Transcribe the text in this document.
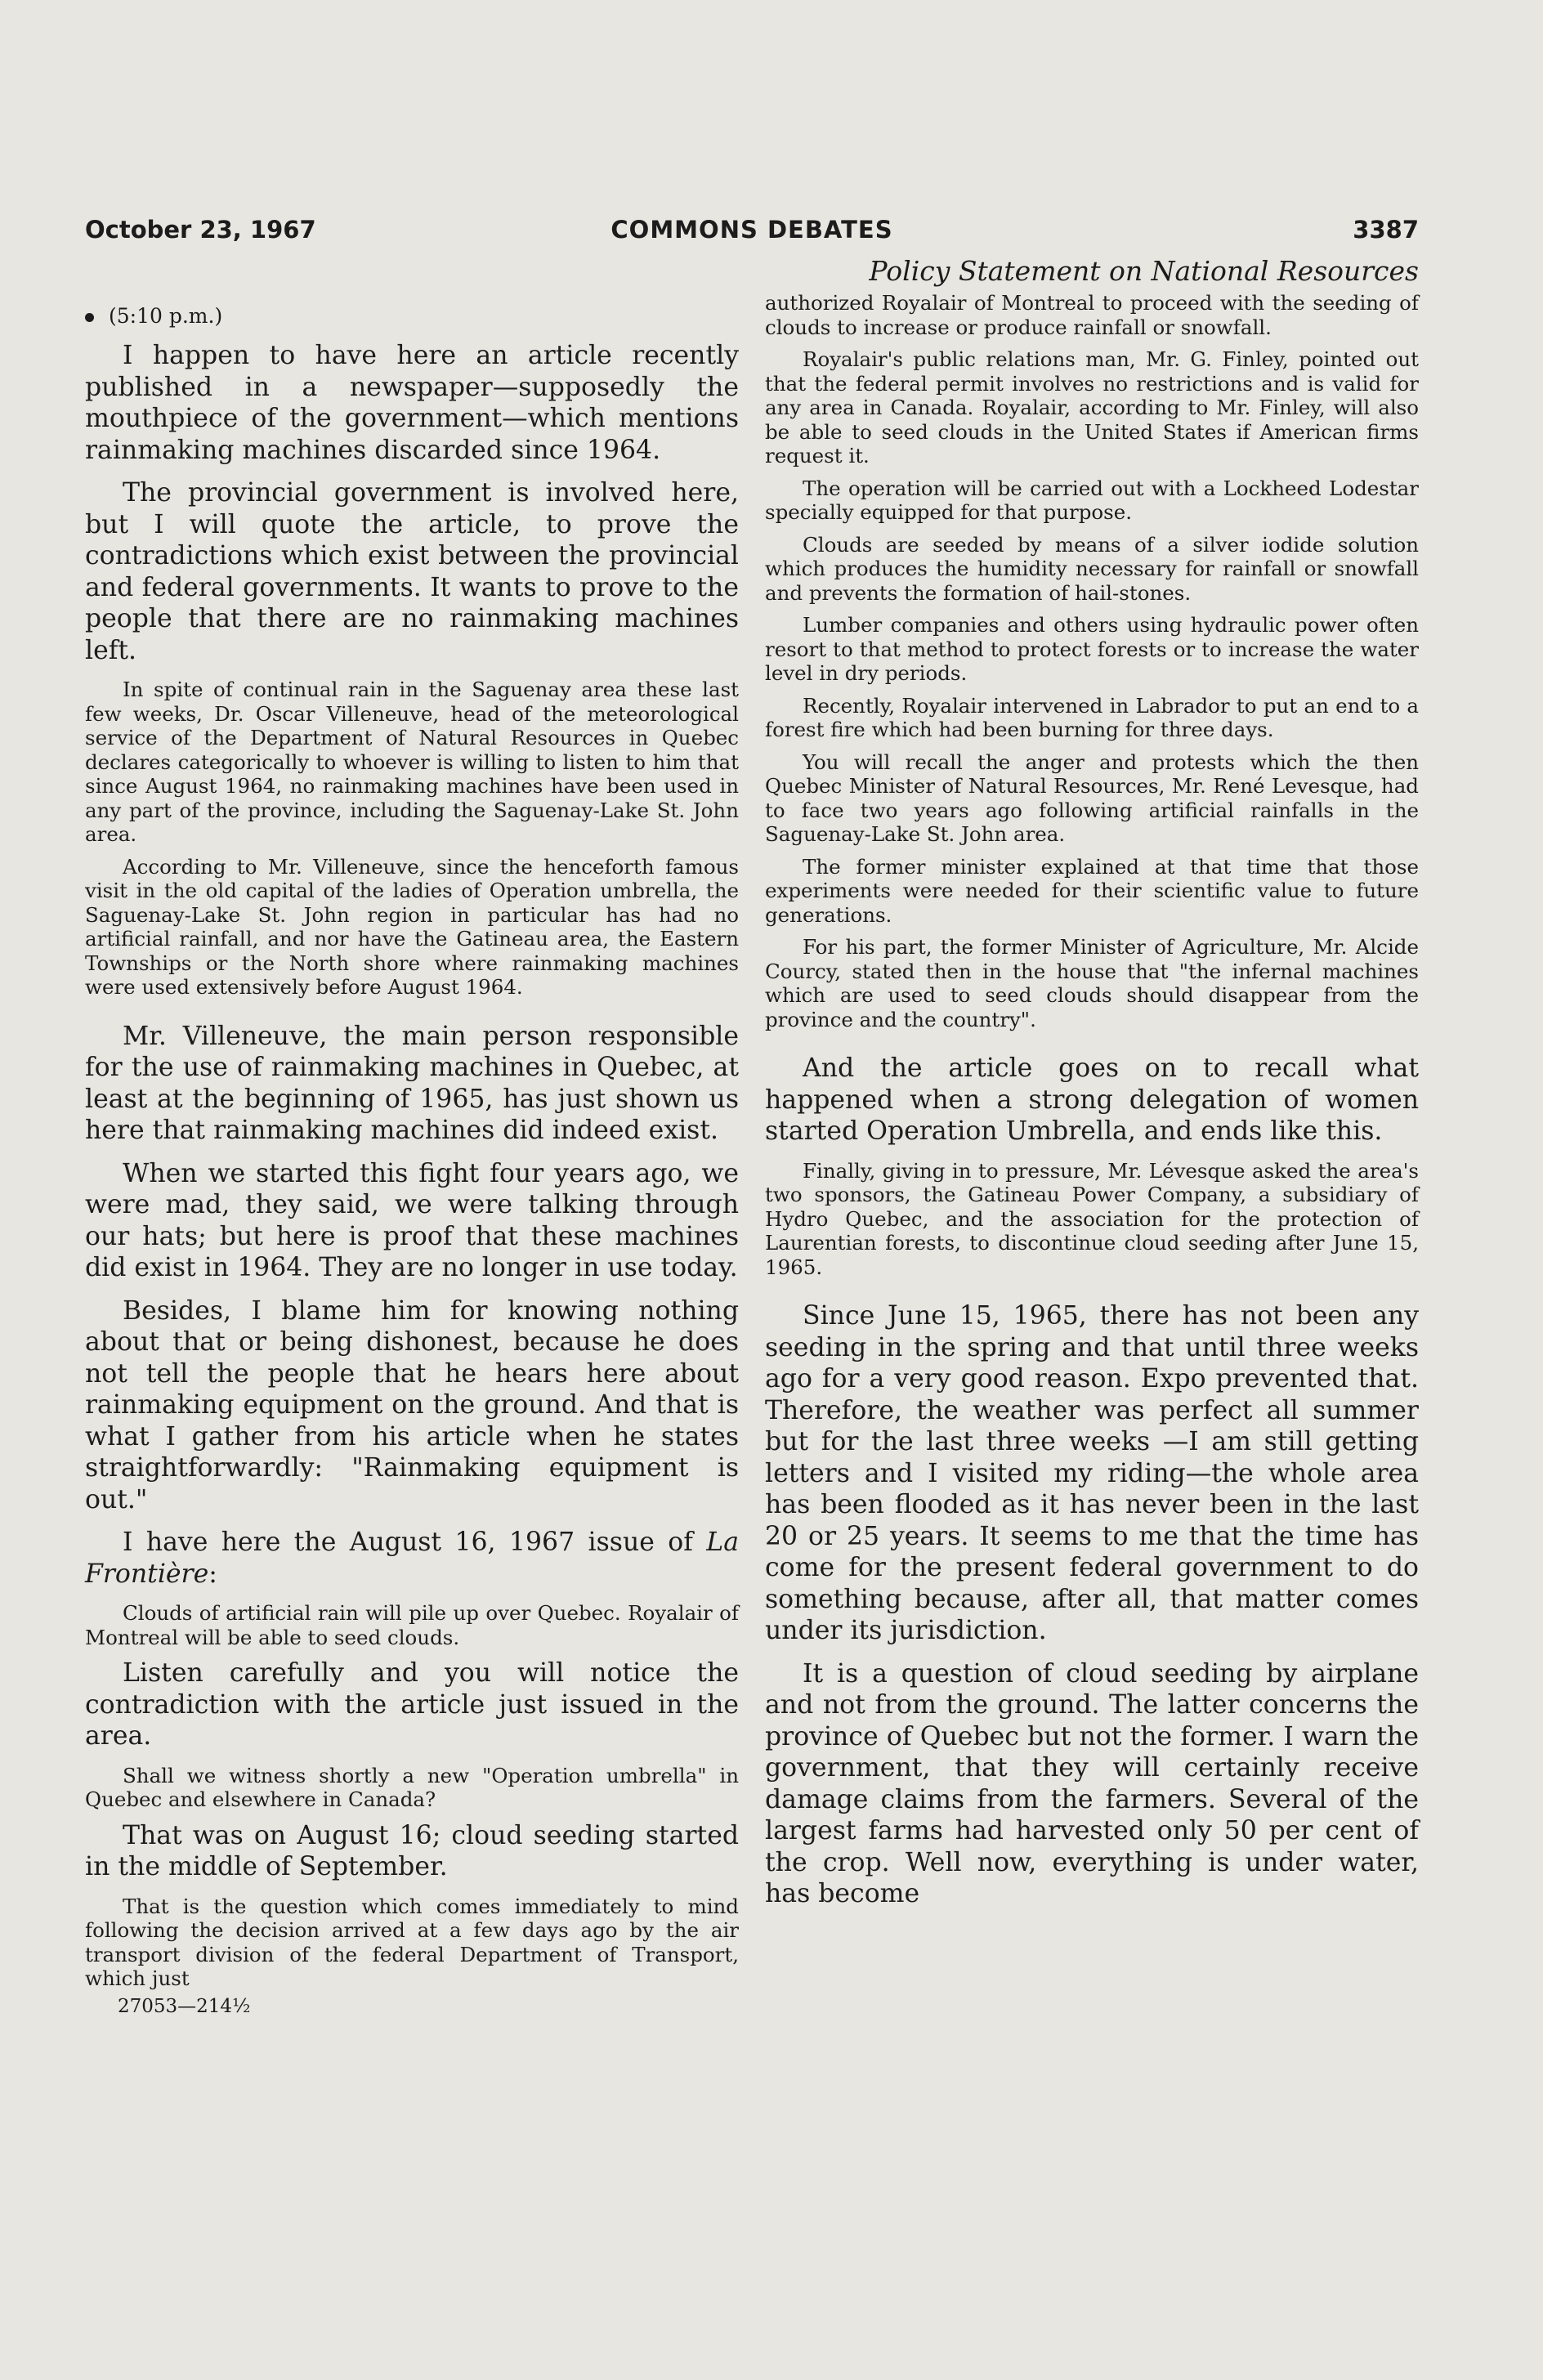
October 23, 1967	COMMONS DEBATES	3387
Policy Statement on National Resources

(5:10 p.m.)

I happen to have here an article recently published in a newspaper—supposedly the mouthpiece of the government—which mentions rainmaking machines discarded since 1964.

The provincial government is involved here, but I will quote the article, to prove the contradictions which exist between the provincial and federal governments. It wants to prove to the people that there are no rainmaking machines left.

In spite of continual rain in the Saguenay area these last few weeks, Dr. Oscar Villeneuve, head of the meteorological service of the Department of Natural Resources in Quebec declares categorically to whoever is willing to listen to him that since August 1964, no rainmaking machines have been used in any part of the province, including the Saguenay-Lake St. John area.

According to Mr. Villeneuve, since the henceforth famous visit in the old capital of the ladies of Operation umbrella, the Saguenay-Lake St. John region in particular has had no artificial rainfall, and nor have the Gatineau area, the Eastern Townships or the North shore where rainmaking machines were used extensively before August 1964.

Mr. Villeneuve, the main person responsible for the use of rainmaking machines in Quebec, at least at the beginning of 1965, has just shown us here that rainmaking machines did indeed exist.

When we started this fight four years ago, we were mad, they said, we were talking through our hats; but here is proof that these machines did exist in 1964. They are no longer in use today.

Besides, I blame him for knowing nothing about that or being dishonest, because he does not tell the people that he hears here about rainmaking equipment on the ground. And that is what I gather from his article when he states straightforwardly: "Rainmaking equipment is out."

I have here the August 16, 1967 issue of La Frontière:

Clouds of artificial rain will pile up over Quebec. Royalair of Montreal will be able to seed clouds.

Listen carefully and you will notice the contradiction with the article just issued in the area.

Shall we witness shortly a new "Operation umbrella" in Quebec and elsewhere in Canada?

That was on August 16; cloud seeding started in the middle of September.

That is the question which comes immediately to mind following the decision arrived at a few days ago by the air transport division of the federal Department of Transport, which just

27053—214½

authorized Royalair of Montreal to proceed with the seeding of clouds to increase or produce rainfall or snowfall.

Royalair's public relations man, Mr. G. Finley, pointed out that the federal permit involves no restrictions and is valid for any area in Canada. Royalair, according to Mr. Finley, will also be able to seed clouds in the United States if American firms request it.

The operation will be carried out with a Lockheed Lodestar specially equipped for that purpose.

Clouds are seeded by means of a silver iodide solution which produces the humidity necessary for rainfall or snowfall and prevents the formation of hail-stones.

Lumber companies and others using hydraulic power often resort to that method to protect forests or to increase the water level in dry periods.

Recently, Royalair intervened in Labrador to put an end to a forest fire which had been burning for three days.

You will recall the anger and protests which the then Quebec Minister of Natural Resources, Mr. René Levesque, had to face two years ago following artificial rainfalls in the Saguenay-Lake St. John area.

The former minister explained at that time that those experiments were needed for their scientific value to future generations.

For his part, the former Minister of Agriculture, Mr. Alcide Courcy, stated then in the house that "the infernal machines which are used to seed clouds should disappear from the province and the country".

And the article goes on to recall what happened when a strong delegation of women started Operation Umbrella, and ends like this.

Finally, giving in to pressure, Mr. Lévesque asked the area's two sponsors, the Gatineau Power Company, a subsidiary of Hydro Quebec, and the association for the protection of Laurentian forests, to discontinue cloud seeding after June 15, 1965.

Since June 15, 1965, there has not been any seeding in the spring and that until three weeks ago for a very good reason. Expo prevented that. Therefore, the weather was perfect all summer but for the last three weeks —I am still getting letters and I visited my riding—the whole area has been flooded as it has never been in the last 20 or 25 years. It seems to me that the time has come for the present federal government to do something because, after all, that matter comes under its jurisdiction.

It is a question of cloud seeding by airplane and not from the ground. The latter concerns the province of Quebec but not the former. I warn the government, that they will certainly receive damage claims from the farmers. Several of the largest farms had harvested only 50 per cent of the crop. Well now, everything is under water, has become
